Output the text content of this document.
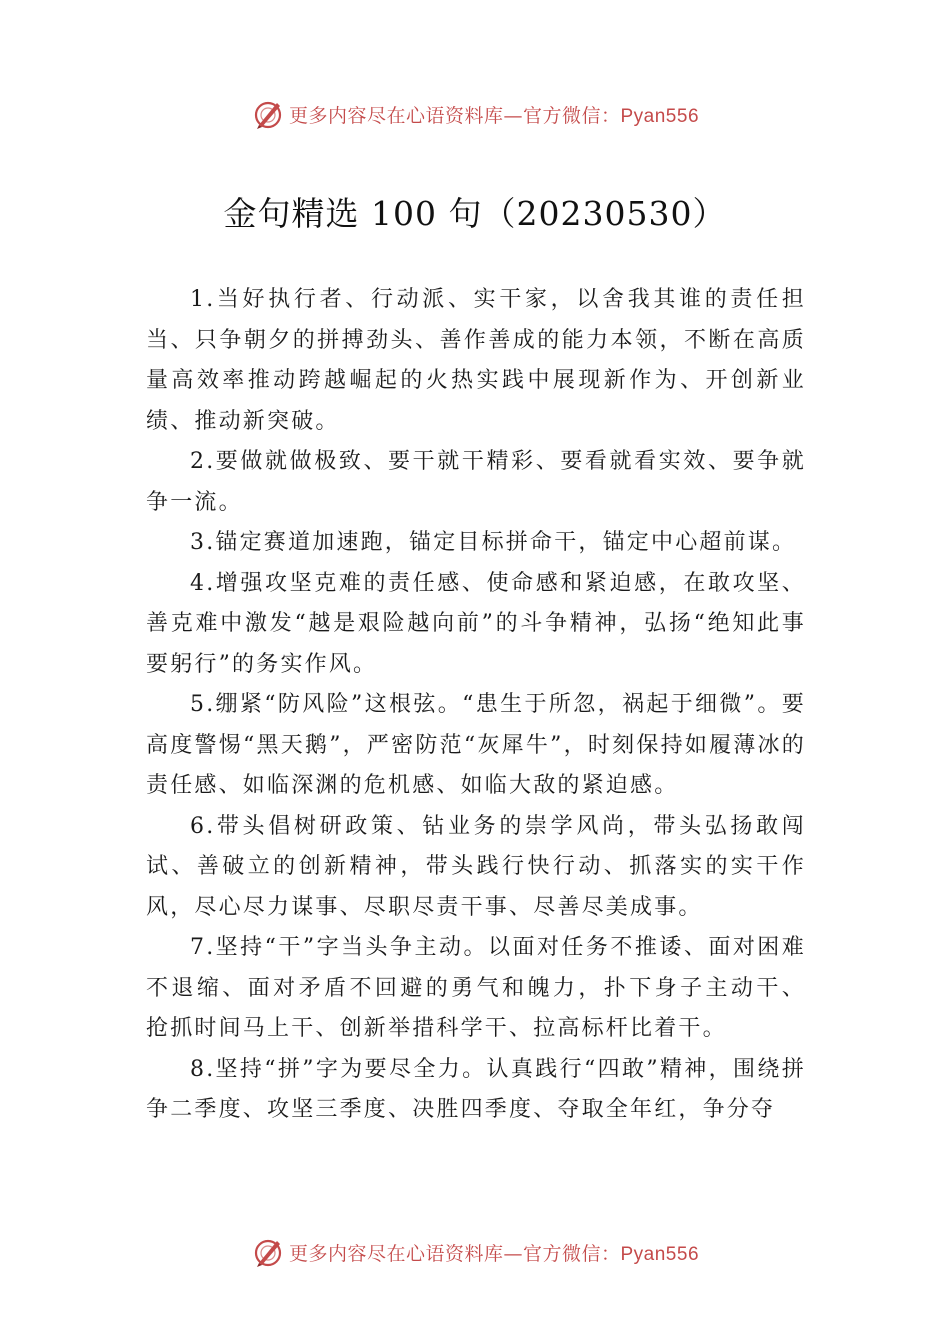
更多内容尽在心语资料库—官方微信：Pyan556
金句精选 100 句（20230530）

1.当好执行者、行动派、实干家，以舍我其谁的责任担当、只争朝夕的拼搏劲头、善作善成的能力本领，不断在高质量高效率推动跨越崛起的火热实践中展现新作为、开创新业绩、推动新突破。

2.要做就做极致、要干就干精彩、要看就看实效、要争就争一流。

3.锚定赛道加速跑，锚定目标拼命干，锚定中心超前谋。

4.增强攻坚克难的责任感、使命感和紧迫感，在敢攻坚、善克难中激发“越是艰险越向前”的斗争精神，弘扬“绝知此事要躬行”的务实作风。

5.绷紧“防风险”这根弦。“患生于所忽，祸起于细微”。要高度警惕“黑天鹅”，严密防范“灰犀牛”，时刻保持如履薄冰的责任感、如临深渊的危机感、如临大敌的紧迫感。

6.带头倡树研政策、钻业务的崇学风尚，带头弘扬敢闯试、善破立的创新精神，带头践行快行动、抓落实的实干作风，尽心尽力谋事、尽职尽责干事、尽善尽美成事。

7.坚持“干”字当头争主动。以面对任务不推诿、面对困难不退缩、面对矛盾不回避的勇气和魄力，扑下身子主动干、 抢抓时间马上干、创新举措科学干、拉高标杆比着干。

8.坚持“拼”字为要尽全力。认真践行“四敢”精神，围绕拼争二季度、攻坚三季度、决胜四季度、夺取全年红，争分夺

更多内容尽在心语资料库—官方微信：Pyan556
